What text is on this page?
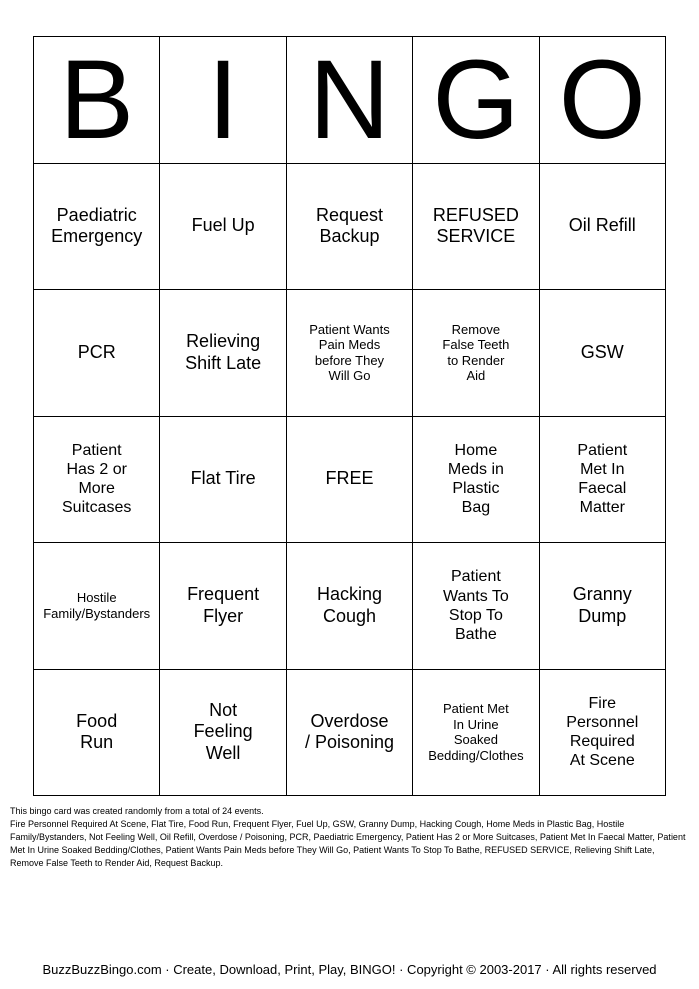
B I N G O
Paediatric
Emergency
Fuel Up
Request
Backup
REFUSED
SERVICE
Oil Refill
PCR
Relieving
Shift Late
Patient Wants
Pain Meds
before They
Will Go
Remove
False Teeth
to Render
Aid
GSW
Patient
Has 2 or
More
Suitcases
Flat Tire	FREE
Home
Meds in
Plastic
Bag
Patient
Met In
Faecal
Matter
Hostile
Family/Bystanders
Frequent
Flyer
Hacking
Cough
Patient
Wants To
Stop To
Bathe
Granny
Dump
Food
Run
Not
Feeling
Well
Overdose
/ Poisoning
Patient Met
In Urine
Soaked
Bedding/Clothes
Fire
Personnel
Required
At Scene
This bingo card was created randomly from a total of 24 events.
Fire Personnel Required At Scene, Flat Tire, Food Run, Frequent Flyer, Fuel Up, GSW, Granny Dump, Hacking Cough, Home Meds in Plastic Bag, Hostile Family/Bystanders, Not Feeling Well, Oil Refill, Overdose / Poisoning, PCR, Paediatric Emergency, Patient Has 2 or More Suitcases, Patient Met In Faecal Matter, Patient Met In Urine Soaked Bedding/Clothes, Patient Wants Pain Meds before They Will Go, Patient Wants To Stop To Bathe, REFUSED SERVICE, Relieving Shift Late, Remove False Teeth to Render Aid, Request Backup.
BuzzBuzzBingo.com · Create, Download, Print, Play, BINGO! · Copyright © 2003-2017 · All rights reserved
